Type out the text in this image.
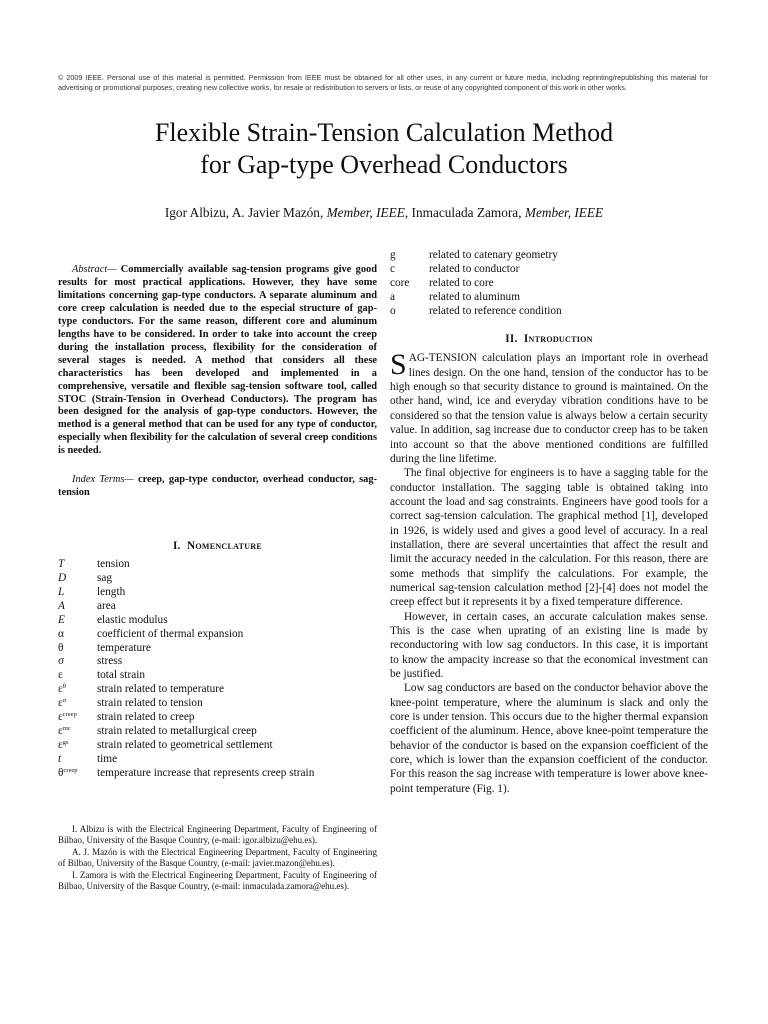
© 2009 IEEE. Personal use of this material is permitted. Permission from IEEE must be obtained for all other uses, in any current or future media, including reprinting/republishing this material for advertising or promotional purposes, creating new collective works, for resale or redistribution to servers or lists, or reuse of any copyrighted component of this work in other works.
Flexible Strain-Tension Calculation Method
for Gap-type Overhead Conductors
Igor Albizu, A. Javier Mazón, Member, IEEE, Inmaculada Zamora, Member, IEEE

Abstract— Commercially available sag-tension programs give good results for most practical applications. However, they have some limitations concerning gap-type conductors. A separate aluminum and core creep calculation is needed due to the especial structure of gap-type conductors. For the same reason, different core and aluminum lengths have to be considered. In order to take into account the creep during the installation process, flexibility for the consideration of several stages is needed. A method that considers all these characteristics has been developed and implemented in a comprehensive, versatile and flexible sag-tension software tool, called STOC (Strain-Tension in Overhead Conductors). The program has been designed for the analysis of gap-type conductors. However, the method is a general method that can be used for any type of conductor, especially when flexibility for the calculation of several creep conditions is needed.

Index Terms— creep, gap-type conductor, overhead conductor, sag-tension

I. Nomenclature
T	tension
D	sag
L	length
A	area
E	elastic modulus
α	coefficient of thermal expansion
θ	temperature
σ	stress
ε	total strain
$\varepsilon^\theta$	strain related to temperature
$\varepsilon^\sigma$	strain related to tension
$\varepsilon^{creep}$	strain related to creep
$\varepsilon^{mc}$	strain related to metallurgical creep
$\varepsilon^{gs}$	strain related to geometrical settlement
t	time
$\theta^{creep}$	temperature increase that represents creep strain

I. Albizu is with the Electrical Engineering Department, Faculty of Engineering of Bilbao, University of the Basque Country, (e-mail: igor.albizu@ehu.es).

A. J. Mazón is with the Electrical Engineering Department, Faculty of Engineering of Bilbao, University of the Basque Country, (e-mail: javier.mazon@ehu.es).

I. Zamora is with the Electrical Engineering Department, Faculty of Engineering of Bilbao, University of the Basque Country, (e-mail: inmaculada.zamora@ehu.es).

g	related to catenary geometry
c	related to conductor
core	related to core
a	related to aluminum
o	related to reference condition
II. Introduction

SAG-TENSION calculation plays an important role in overhead lines design. On the one hand, tension of the conductor has to be high enough so that security distance to ground is maintained. On the other hand, wind, ice and everyday vibration conditions have to be considered so that the tension value is always below a certain security value. In addition, sag increase due to conductor creep has to be taken into account so that the above mentioned conditions are fulfilled during the line lifetime.

The final objective for engineers is to have a sagging table for the conductor installation. The sagging table is obtained taking into account the load and sag constraints. Engineers have good tools for a correct sag-tension calculation. The graphical method [1], developed in 1926, is widely used and gives a good level of accuracy. In a real installation, there are several uncertainties that affect the result and limit the accuracy needed in the calculation. For this reason, there are some methods that simplify the calculations. For example, the numerical sag-tension calculation method [2]-[4] does not model the creep effect but it represents it by a fixed temperature difference.

However, in certain cases, an accurate calculation makes sense. This is the case when uprating of an existing line is made by reconductoring with low sag conductors. In this case, it is important to know the ampacity increase so that the economical investment can be justified.

Low sag conductors are based on the conductor behavior above the knee-point temperature, where the aluminum is slack and only the core is under tension. This occurs due to the higher thermal expansion coefficient of the aluminum. Hence, above knee-point temperature the behavior of the conductor is based on the expansion coefficient of the core, which is lower than the expansion coefficient of the conductor. For this reason the sag increase with temperature is lower above knee-point temperature (Fig. 1).
